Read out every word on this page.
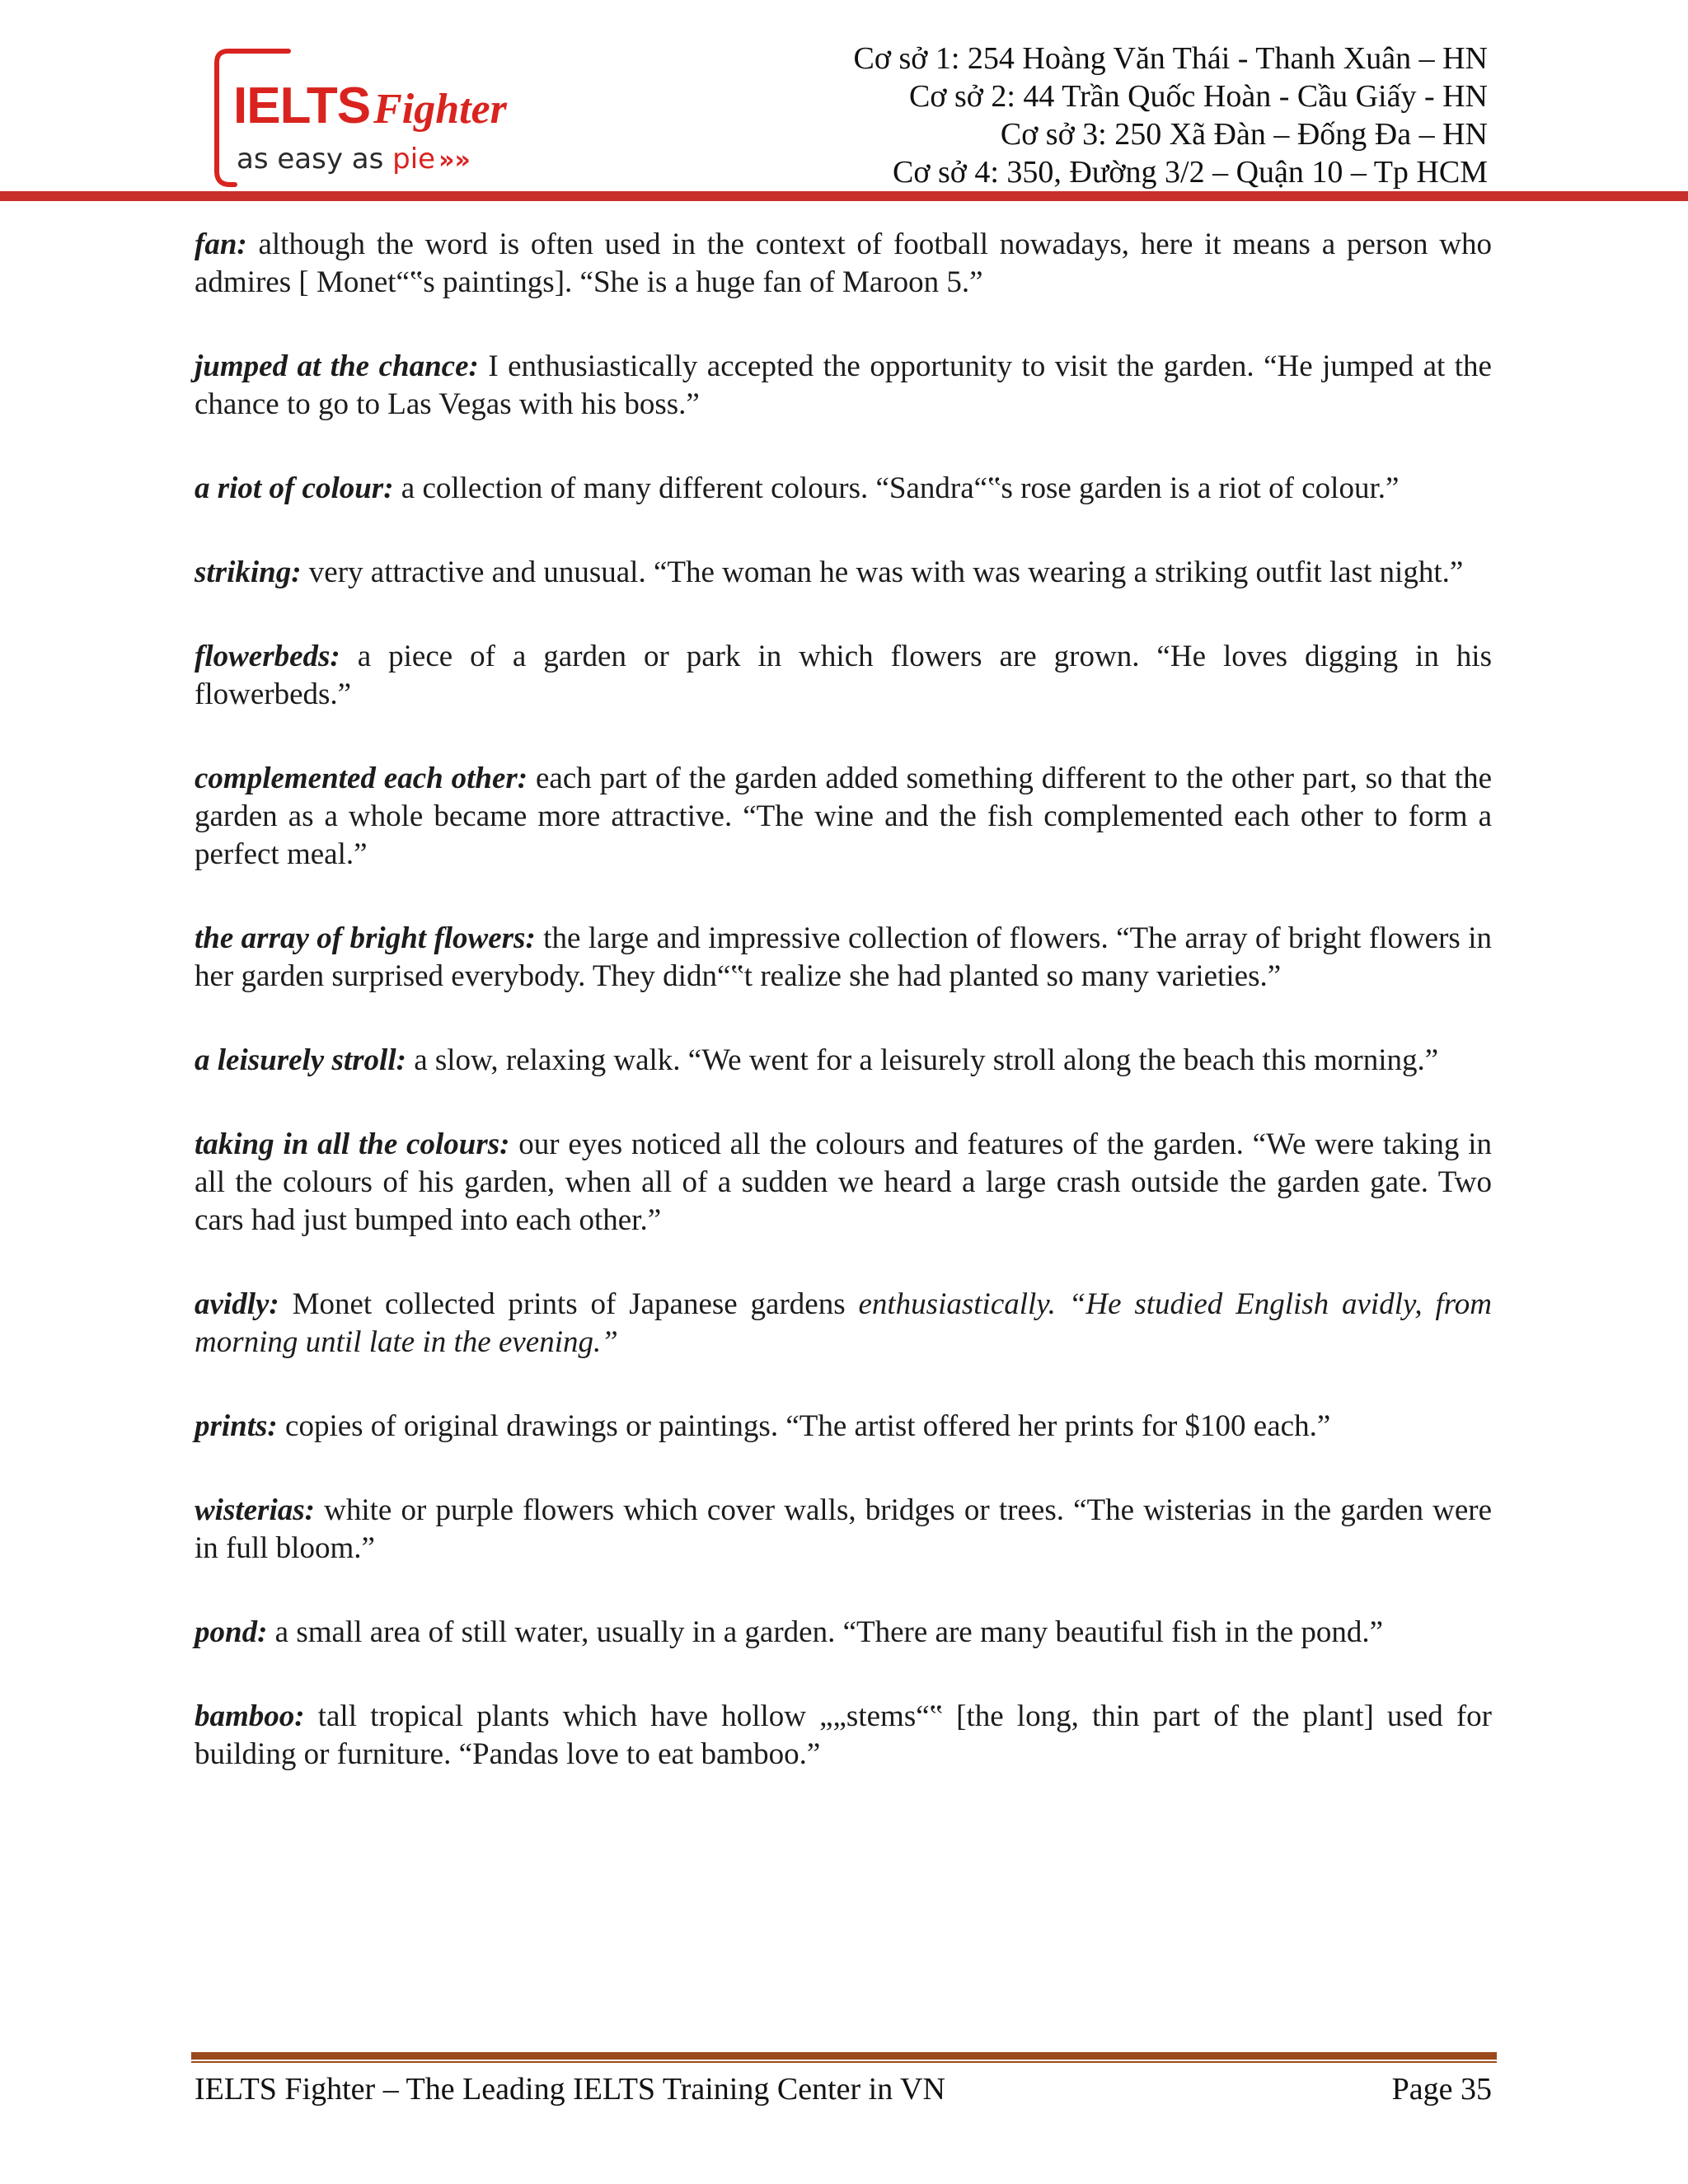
IELTSFighter
as easy as pie »»
Cơ sở 1: 254 Hoàng Văn Thái - Thanh Xuân – HN
Cơ sở 2: 44 Trần Quốc Hoàn - Cầu Giấy - HN
Cơ sở 3: 250 Xã Đàn – Đống Đa – HN
Cơ sở 4: 350, Đường 3/2 – Quận 10 – Tp HCM

fan: although the word is often used in the context of football nowadays, here it means a person who admires [ Monet“‟s paintings]. “She is a huge fan of Maroon 5.”

jumped at the chance: I enthusiastically accepted the opportunity to visit the garden. “He jumped at the chance to go to Las Vegas with his boss.”

a riot of colour: a collection of many different colours. “Sandra“‟s rose garden is a riot of colour.”

striking: very attractive and unusual. “The woman he was with was wearing a striking outfit last night.”

flowerbeds: a piece of a garden or park in which flowers are grown. “He loves digging in his flowerbeds.”

complemented each other: each part of the garden added something different to the other part, so that the garden as a whole became more attractive. “The wine and the fish complemented each other to form a perfect meal.”

the array of bright flowers: the large and impressive collection of flowers. “The array of bright flowers in her garden surprised everybody. They didn“‟t realize she had planted so many varieties.”

a leisurely stroll: a slow, relaxing walk. “We went for a leisurely stroll along the beach this morning.”

taking in all the colours: our eyes noticed all the colours and features of the garden. “We were taking in all the colours of his garden, when all of a sudden we heard a large crash outside the garden gate. Two cars had just bumped into each other.”

avidly: Monet collected prints of Japanese gardens enthusiastically. “He studied English avidly, from morning until late in the evening.”

prints: copies of original drawings or paintings. “The artist offered her prints for $100 each.”

wisterias: white or purple flowers which cover walls, bridges or trees. “The wisterias in the garden were in full bloom.”

pond: a small area of still water, usually in a garden. “There are many beautiful fish in the pond.”

bamboo: tall tropical plants which have hollow „„stems“‟ [the long, thin part of the plant] used for building or furniture. “Pandas love to eat bamboo.”

IELTS Fighter – The Leading IELTS Training Center in VN	Page 35
